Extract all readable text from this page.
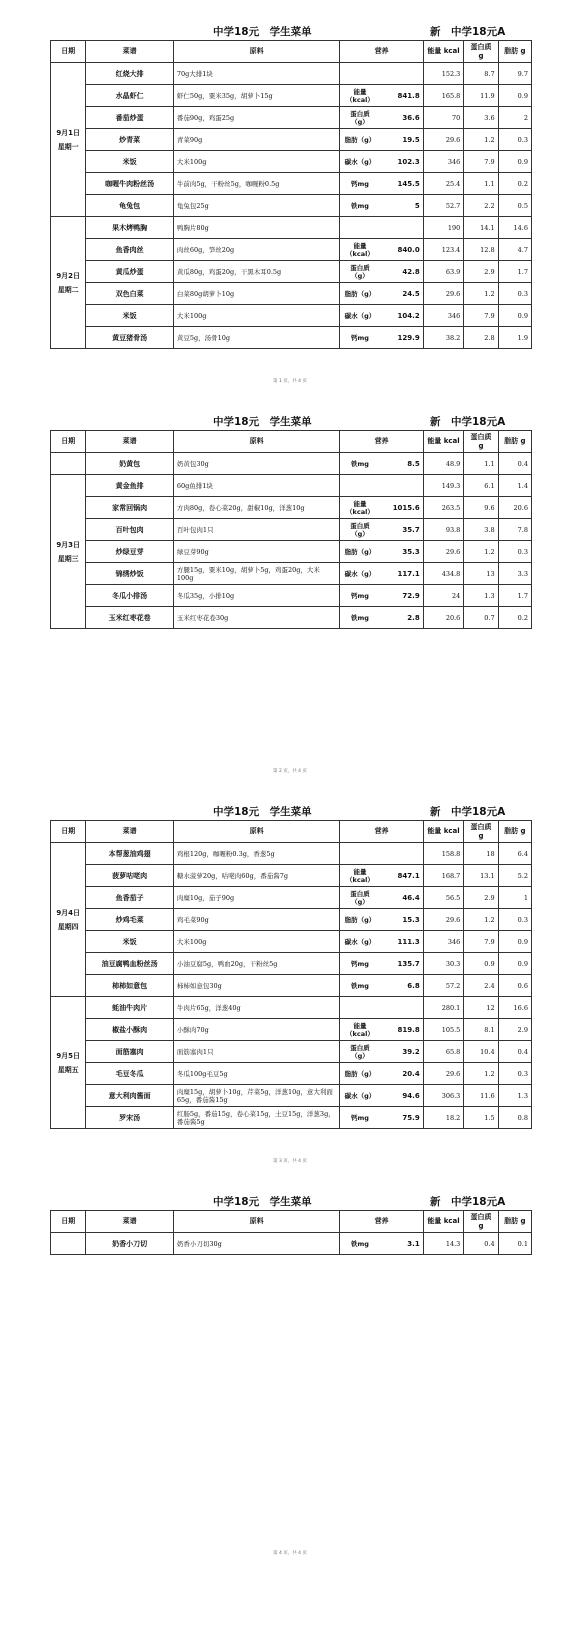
中学18元　学生菜单	新　中学18元A
日期	菜谱	原料	营养		能量 kcal	蛋白质 g	脂肪 g

9月1日
星期一	红烧大排	70g大排1块			152.3	8.7	9.7
	水晶虾仁	虾仁50g，粟米35g，胡萝卜15g	能量（kcal）	841.8	165.8	11.9	0.9
	番茄炒蛋	番茄90g，鸡蛋25g	蛋白质（g）	36.6	70	3.6	2
	炒青菜	青菜90g	脂肪（g）	19.5	29.6	1.2	0.3
	米饭	大米100g	碳水（g）	102.3	346	7.9	0.9
	咖喱牛肉粉丝汤	牛前肉5g，干粉丝5g，咖喱粉0.5g	钙mg	145.5	25.4	1.1	0.2
	龟兔包	龟兔包25g	铁mg	5	52.7	2.2	0.5

9月2日
星期二	果木烤鸭胸	鸭胸片80g			190	14.1	14.6
	鱼香肉丝	肉丝60g，笋丝20g	能量（kcal）	840.0	123.4	12.8	4.7
	黄瓜炒蛋	黄瓜80g，鸡蛋20g，干黑木耳0.5g	蛋白质（g）	42.8	63.9	2.9	1.7
	双色白菜	白菜80g胡萝卜10g	脂肪（g）	24.5	29.6	1.2	0.3
	米饭	大米100g	碳水（g）	104.2	346	7.9	0.9
	黄豆猪骨汤	黄豆5g，汤骨10g	钙mg	129.9	38.2	2.8	1.9
第 1 页，共 4 页
中学18元　学生菜单	新　中学18元A
日期	菜谱	原料	营养		能量 kcal	蛋白质 g	脂肪 g

	奶黄包	奶黄包30g	铁mg	8.5	48.9	1.1	0.4

9月3日
星期三	黄金鱼排	60g鱼排1块			149.3	6.1	1.4
	家常回锅肉	方肉80g，卷心菜20g，甜椒10g，洋葱10g	能量（kcal）	1015.6	263.5	9.6	20.6
	百叶包肉	百叶包肉1只	蛋白质（g）	35.7	93.8	3.8	7.8
	炒绿豆芽	绿豆芽90g	脂肪（g）	35.3	29.6	1.2	0.3
	锦绣炒饭	方腿15g，粟米10g，胡萝卜5g，鸡蛋20g，大米100g	碳水（g）	117.1	434.8	13	3.3
	冬瓜小排汤	冬瓜35g，小排10g	钙mg	72.9	24	1.3	1.7
	玉米红枣花卷	玉米红枣花卷30g	铁mg	2.8	20.6	0.7	0.2
第 2 页，共 4 页
中学18元　学生菜单	新　中学18元A
日期	菜谱	原料	营养		能量 kcal	蛋白质 g	脂肪 g

9月4日
星期四	本帮葱油鸡翅	鸡根120g，咖喱粉0.3g，香葱5g			158.8	18	6.4
	菠萝咕咾肉	糖水菠萝20g，咕咾肉60g，番茄酱7g	能量（kcal）	847.1	168.7	13.1	5.2
	鱼香茄子	肉糜10g，茄子90g	蛋白质（g）	46.4	56.5	2.9	1
	炒鸡毛菜	鸡毛菜90g	脂肪（g）	15.3	29.6	1.2	0.3
	米饭	大米100g	碳水（g）	111.3	346	7.9	0.9
	油豆腐鸭血粉丝汤	小油豆腐5g，鸭血20g，干粉丝5g	钙mg	135.7	30.3	0.9	0.9
	柿柿如意包	柿柿如意包30g	铁mg	6.8	57.2	2.4	0.6

9月5日
星期五	蚝油牛肉片	牛肉片65g，洋葱40g			280.1	12	16.6
	椒盐小酥肉	小酥肉70g	能量（kcal）	819.8	105.5	8.1	2.9
	面筋塞肉	面筋塞肉1只	蛋白质（g）	39.2	65.8	10.4	0.4
	毛豆冬瓜	冬瓜100g毛豆5g	脂肪（g）	20.4	29.6	1.2	0.3
	意大利肉酱面	肉糜15g，胡萝卜10g，芹菜5g，洋葱10g，意大利面65g，番茄酱15g	碳水（g）	94.6	306.3	11.6	1.3
	罗宋汤	红肠5g，番茄15g，卷心菜15g，土豆15g，洋葱3g，番茄酱5g	钙mg	75.9	18.2	1.5	0.8
第 3 页，共 4 页
中学18元　学生菜单	新　中学18元A
日期	菜谱	原料	营养		能量 kcal	蛋白质 g	脂肪 g

	奶香小刀切	奶香小刀切30g	铁mg	3.1	14.3	0.4	0.1
第 4 页，共 4 页
